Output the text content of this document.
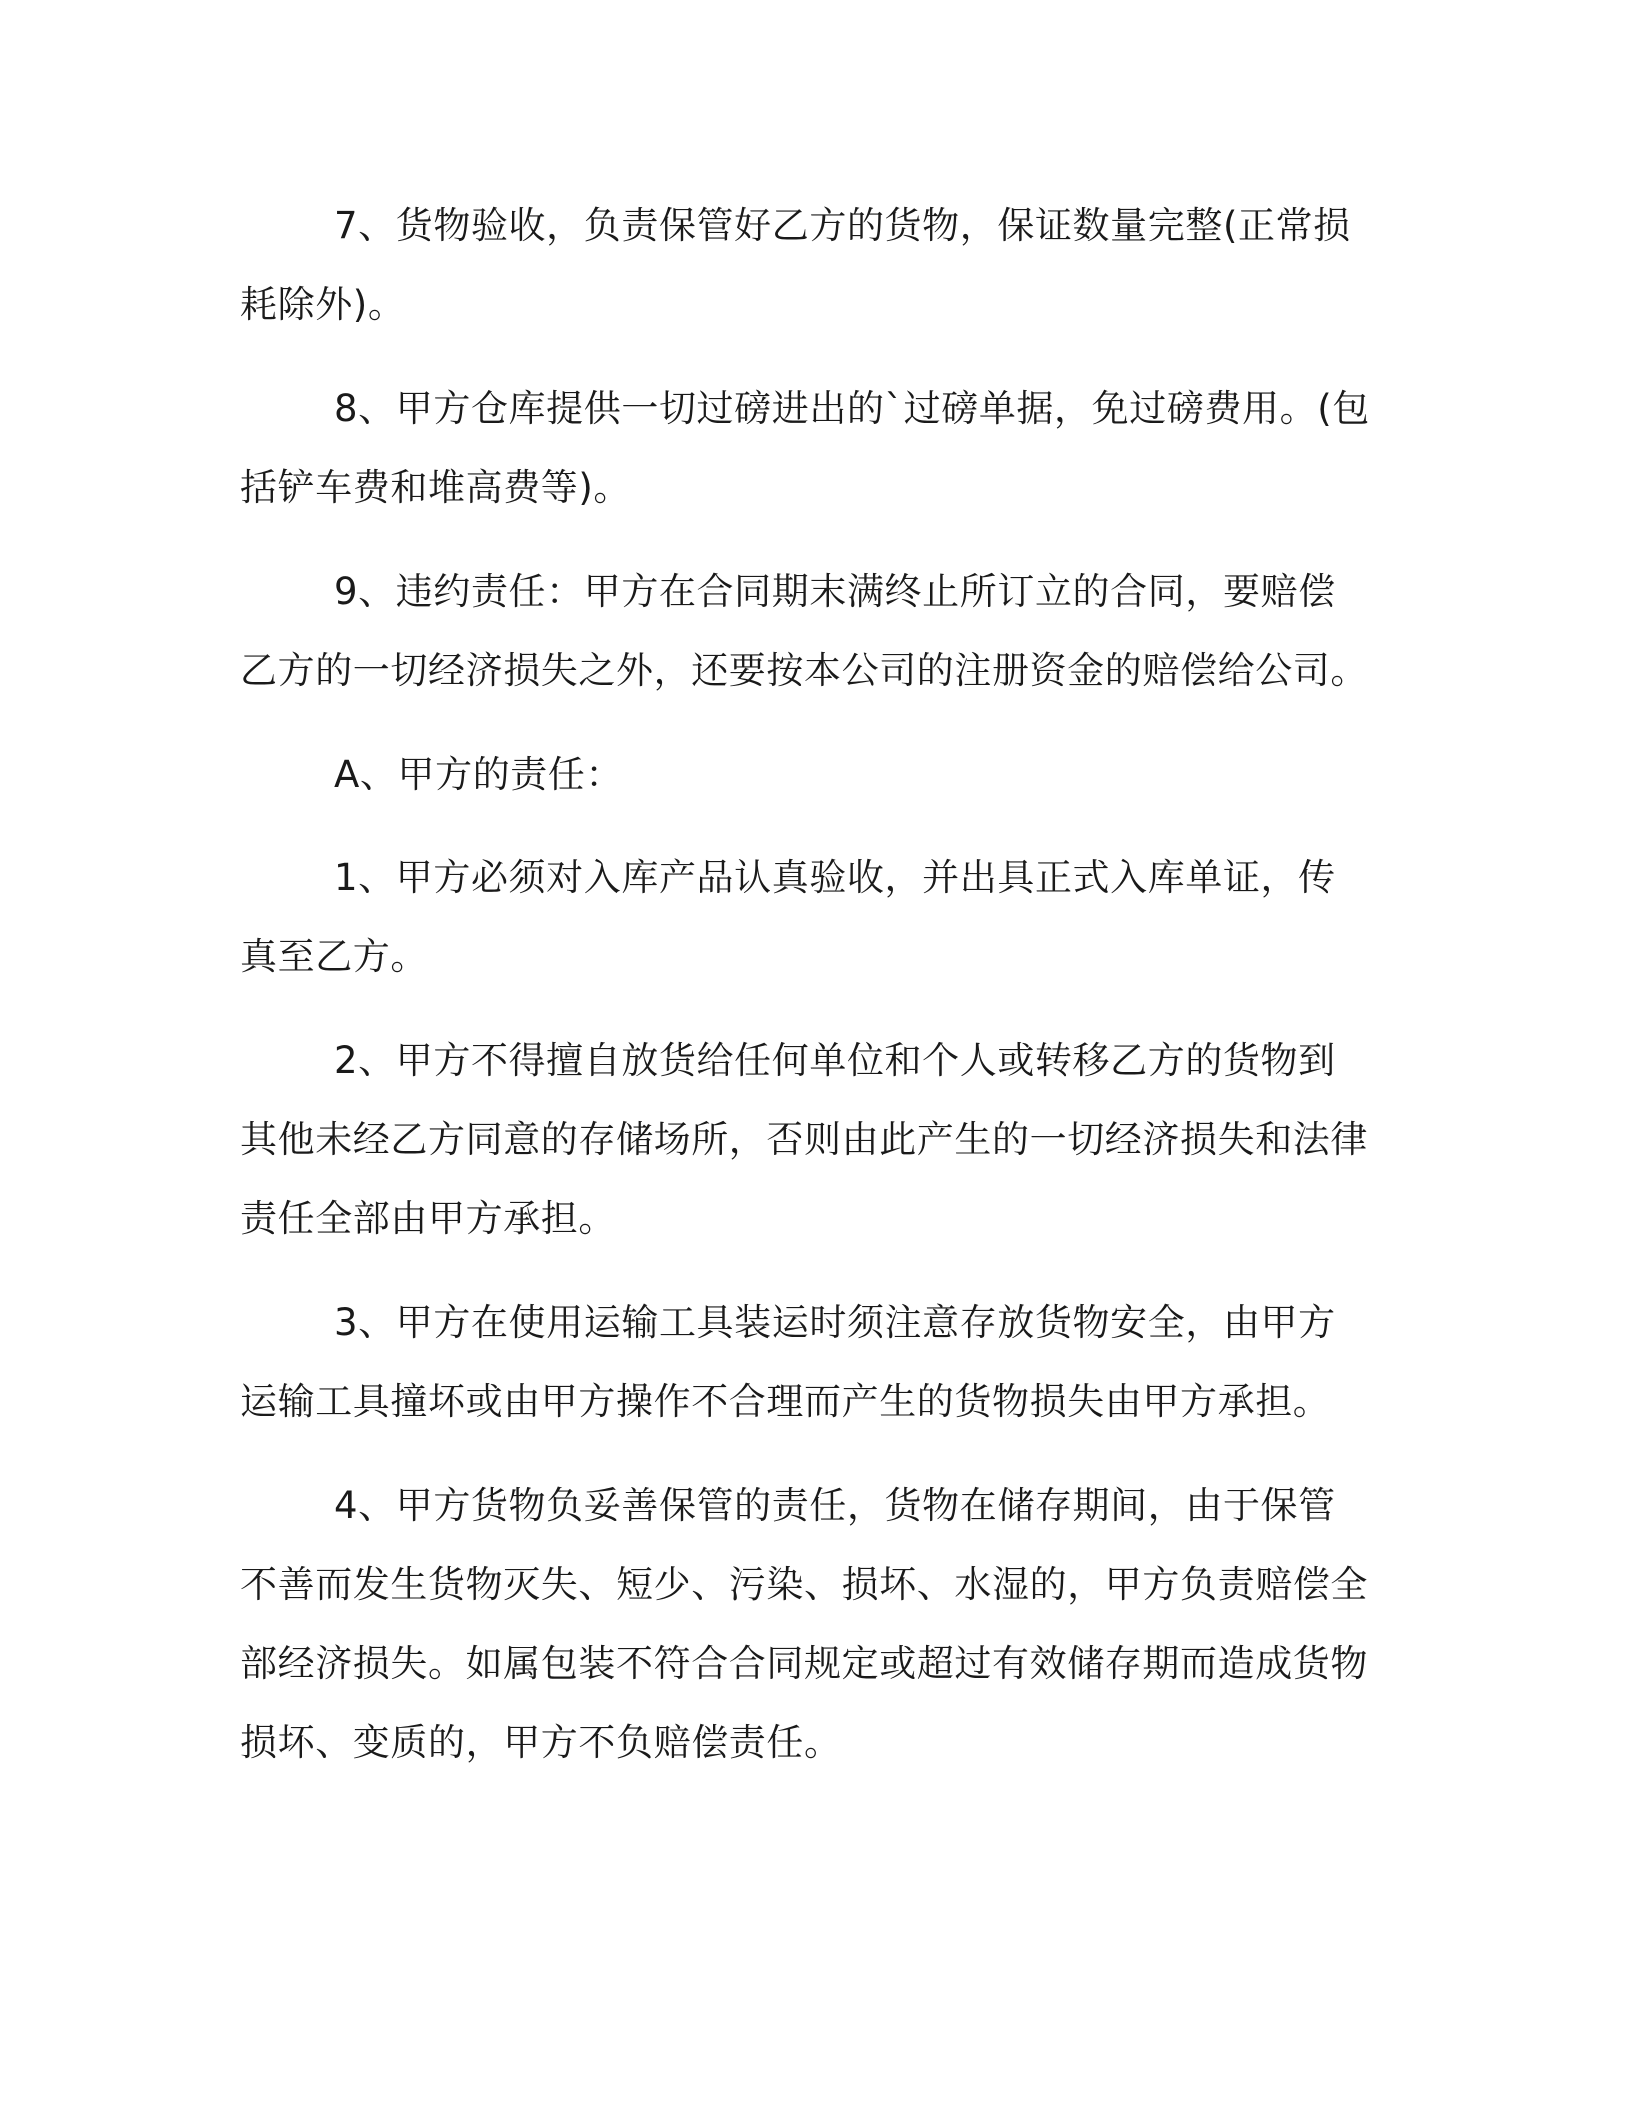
7、货物验收，负责保管好乙方的货物，保证数量完整(正常损耗除外)。

8、甲方仓库提供一切过磅进出的`过磅单据，免过磅费用。(包括铲车费和堆高费等)。

9、违约责任：甲方在合同期末满终止所订立的合同，要赔偿乙方的一切经济损失之外，还要按本公司的注册资金的赔偿给公司。

A、甲方的责任：

1、甲方必须对入库产品认真验收，并出具正式入库单证，传真至乙方。

2、甲方不得擅自放货给任何单位和个人或转移乙方的货物到其他未经乙方同意的存储场所，否则由此产生的一切经济损失和法律责任全部由甲方承担。

3、甲方在使用运输工具装运时须注意存放货物安全，由甲方运输工具撞坏或由甲方操作不合理而产生的货物损失由甲方承担。

4、甲方货物负妥善保管的责任，货物在储存期间，由于保管不善而发生货物灭失、短少、污染、损坏、水湿的，甲方负责赔偿全部经济损失。如属包装不符合合同规定或超过有效储存期而造成货物损坏、变质的，甲方不负赔偿责任。
